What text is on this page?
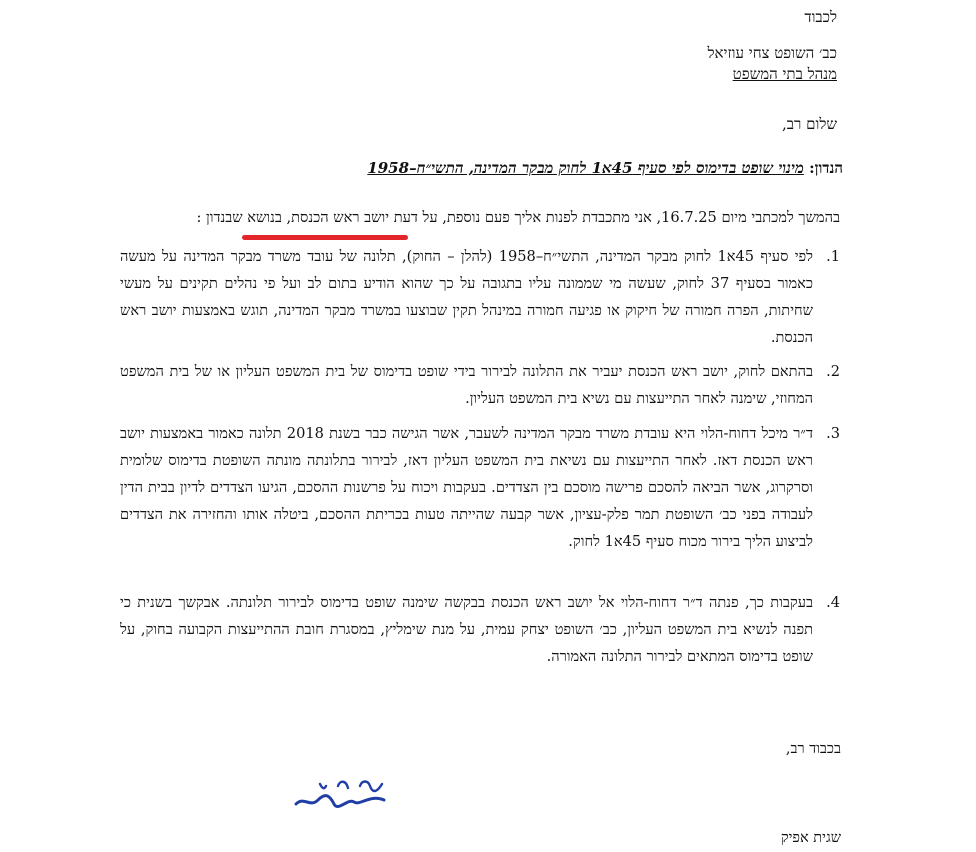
לכבוד
כב׳ השופט צחי עוזיאל
מנהל בתי המשפט
שלום רב,
הנדון: מינוי שופט בדימוס לפי סעיף 45א1 לחוק מבקר המדינה, התשי״ח–1958
בהמשך למכתבי מיום 16.7.25, אני מתכבדת לפנות אליך פעם נוספת, על דעת יושב ראש הכנסת, בנושא שבנדון :
1.
לפי סעיף 45א1 לחוק מבקר המדינה, התשי״ח–1958 (להלן – החוק), תלונה של עובד משרד מבקר המדינה על מעשה כאמור בסעיף 37 לחוק, שעשה מי שממונה עליו בתגובה על כך שהוא הודיע בתום לב ועל פי נהלים תקינים על מעשי שחיתות, הפרה חמורה של חיקוק או פגיעה חמורה במינהל תקין שבוצעו במשרד מבקר המדינה, תוגש באמצעות יושב ראש הכנסת.
2.
בהתאם לחוק, יושב ראש הכנסת יעביר את התלונה לבירור בידי שופט בדימוס של בית המשפט העליון או של בית המשפט המחוזי, שימנה לאחר התייעצות עם נשיא בית המשפט העליון.
3.
ד״ר מיכל דחוח-הלוי היא עובדת משרד מבקר המדינה לשעבר, אשר הגישה כבר בשנת 2018 תלונה כאמור באמצעות יושב ראש הכנסת דאז. לאחר התייעצות עם נשיאת בית המשפט העליון דאז, לבירור בתלונתה מונתה השופטת בדימוס שלומית וסרקרוג, אשר הביאה להסכם פרישה מוסכם בין הצדדים. בעקבות ויכוח על פרשנות ההסכם, הגיעו הצדדים לדיון בבית הדין לעבודה בפני כב׳ השופטת תמר פלק-עציון, אשר קבעה שהייתה טעות בכריתת ההסכם, ביטלה אותו והחזירה את הצדדים לביצוע הליך בירור מכוח סעיף 45א1 לחוק.
4.
בעקבות כך, פנתה ד״ר דחוח-הלוי אל יושב ראש הכנסת בבקשה שימנה שופט בדימוס לבירור תלונתה. אבקשך בשנית כי תפנה לנשיא בית המשפט העליון, כב׳ השופט יצחק עמית, על מנת שימליץ, במסגרת חובת ההתייעצות הקבועה בחוק, על שופט בדימוס המתאים לבירור התלונה האמורה.
בכבוד רב,
שגית אפיק
